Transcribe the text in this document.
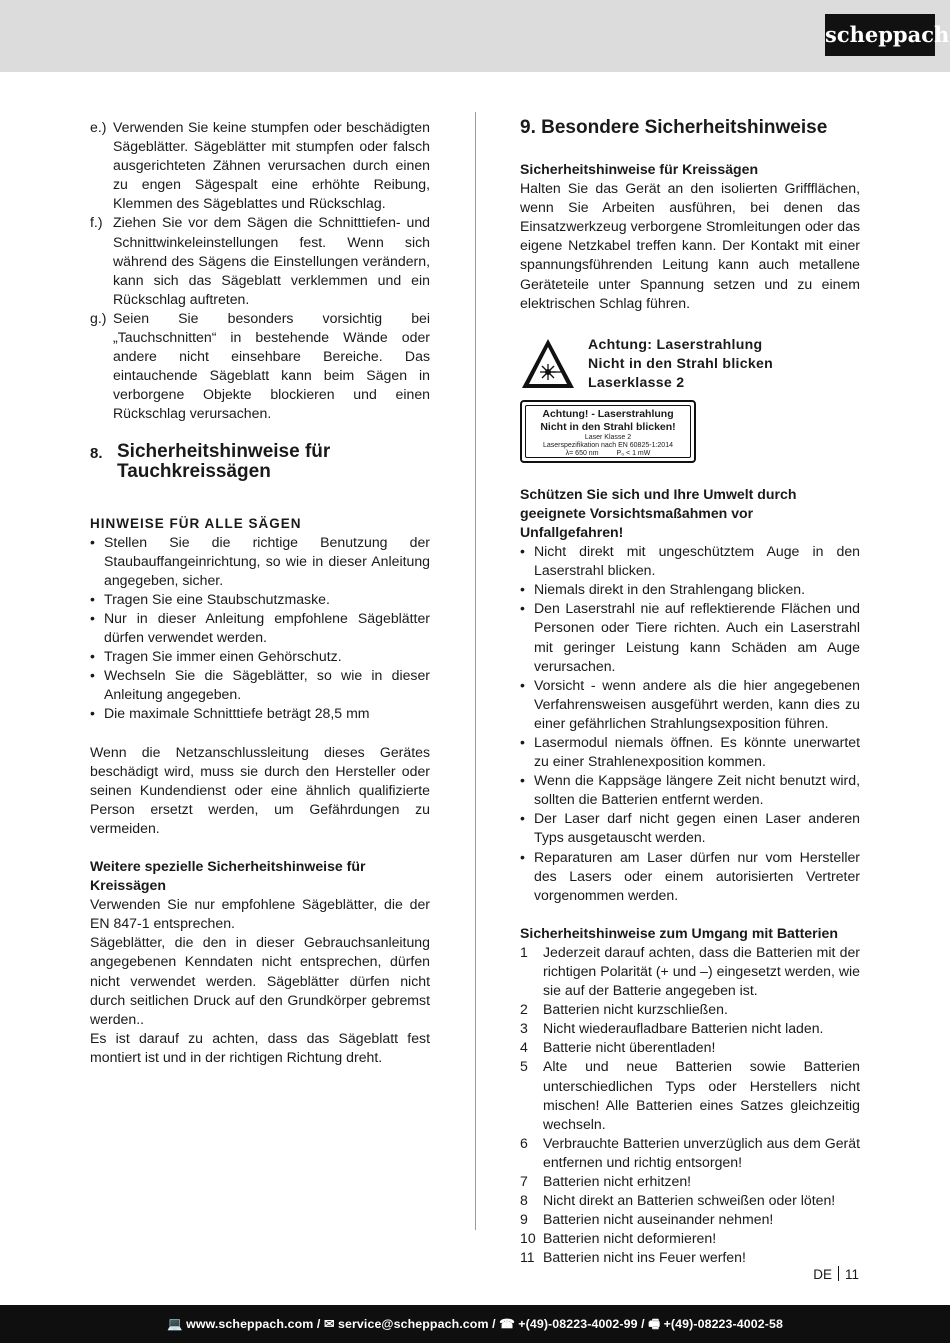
scheppach
e.) Verwenden Sie keine stumpfen oder beschädigten Sägeblätter. Sägeblätter mit stumpfen oder falsch ausgerichteten Zähnen verursachen durch einen zu engen Sägespalt eine erhöhte Reibung, Klemmen des Sägeblattes und Rückschlag.
f.) Ziehen Sie vor dem Sägen die Schnitttiefen- und Schnittwinkeleinstellungen fest. Wenn sich während des Sägens die Einstellungen verändern, kann sich das Sägeblatt verklemmen und ein Rückschlag auftreten.
g.) Seien Sie besonders vorsichtig bei „Tauchschnitten“ in bestehende Wände oder andere nicht einsehbare Bereiche. Das eintauchende Sägeblatt kann beim Sägen in verborgene Objekte blockieren und einen Rückschlag verursachen.
8. Sicherheitshinweise für Tauchkreissägen
HINWEISE FÜR ALLE SÄGEN
• Stellen Sie die richtige Benutzung der Staubauffangeinrichtung, so wie in dieser Anleitung angegeben, sicher.
• Tragen Sie eine Staubschutzmaske.
• Nur in dieser Anleitung empfohlene Sägeblätter dürfen verwendet werden.
• Tragen Sie immer einen Gehörschutz.
• Wechseln Sie die Sägeblätter, so wie in dieser Anleitung angegeben.
• Die maximale Schnitttiefe beträgt 28,5 mm
Wenn die Netzanschlussleitung dieses Gerätes beschädigt wird, muss sie durch den Hersteller oder seinen Kundendienst oder eine ähnlich qualifizierte Person ersetzt werden, um Gefährdungen zu vermeiden.
Weitere spezielle Sicherheitshinweise für Kreissägen
Verwenden Sie nur empfohlene Sägeblätter, die der EN 847-1 entsprechen.
Sägeblätter, die den in dieser Gebrauchsanleitung angegebenen Kenndaten nicht entsprechen, dürfen nicht verwendet werden. Sägeblätter dürfen nicht durch seitlichen Druck auf den Grundkörper gebremst werden..
Es ist darauf zu achten, dass das Sägeblatt fest montiert ist und in der richtigen Richtung dreht.
9. Besondere Sicherheitshinweise
Sicherheitshinweise für Kreissägen
Halten Sie das Gerät an den isolierten Griffflächen, wenn Sie Arbeiten ausführen, bei denen das Einsatzwerkzeug verborgene Stromleitungen oder das eigene Netzkabel treffen kann. Der Kontakt mit einer spannungsführenden Leitung kann auch metallene Geräteteile unter Spannung setzen und zu einem elektrischen Schlag führen.
Achtung: Laserstrahlung
Nicht in den Strahl blicken
Laserklasse 2
Achtung! - Laserstrahlung
Nicht in den Strahl blicken!
Laser Klasse 2
Laserspezifikation nach EN 60825-1:2014
λ= 650 nm	P₀ < 1 mW
Schützen Sie sich und Ihre Umwelt durch geeignete Vorsichtsmaßahmen vor Unfallgefahren!
• Nicht direkt mit ungeschütztem Auge in den Laserstrahl blicken.
• Niemals direkt in den Strahlengang blicken.
• Den Laserstrahl nie auf reflektierende Flächen und Personen oder Tiere richten. Auch ein Laserstrahl mit geringer Leistung kann Schäden am Auge verursachen.
• Vorsicht - wenn andere als die hier angegebenen Verfahrensweisen ausgeführt werden, kann dies zu einer gefährlichen Strahlungsexposition führen.
• Lasermodul niemals öffnen. Es könnte unerwartet zu einer Strahlenexposition kommen.
• Wenn die Kappsäge längere Zeit nicht benutzt wird, sollten die Batterien entfernt werden.
• Der Laser darf nicht gegen einen Laser anderen Typs ausgetauscht werden.
• Reparaturen am Laser dürfen nur vom Hersteller des Lasers oder einem autorisierten Vertreter vorgenommen werden.
Sicherheitshinweise zum Umgang mit Batterien
1	Jederzeit darauf achten, dass die Batterien mit der richtigen Polarität (+ und –) eingesetzt werden, wie sie auf der Batterie angegeben ist.
2	Batterien nicht kurzschließen.
3	Nicht wiederaufladbare Batterien nicht laden.
4	Batterie nicht überentladen!
5	Alte und neue Batterien sowie Batterien unterschiedlichen Typs oder Herstellers nicht mischen! Alle Batterien eines Satzes gleichzeitig wechseln.
6	Verbrauchte Batterien unverzüglich aus dem Gerät entfernen und richtig entsorgen!
7	Batterien nicht erhitzen!
8	Nicht direkt an Batterien schweißen oder löten!
9	Batterien nicht auseinander nehmen!
10 Batterien nicht deformieren!
11 Batterien nicht ins Feuer werfen!
DE 11
💻 www.scheppach.com / ✉ service@scheppach.com / ☎ +(49)-08223-4002-99 / 🖷 +(49)-08223-4002-58
